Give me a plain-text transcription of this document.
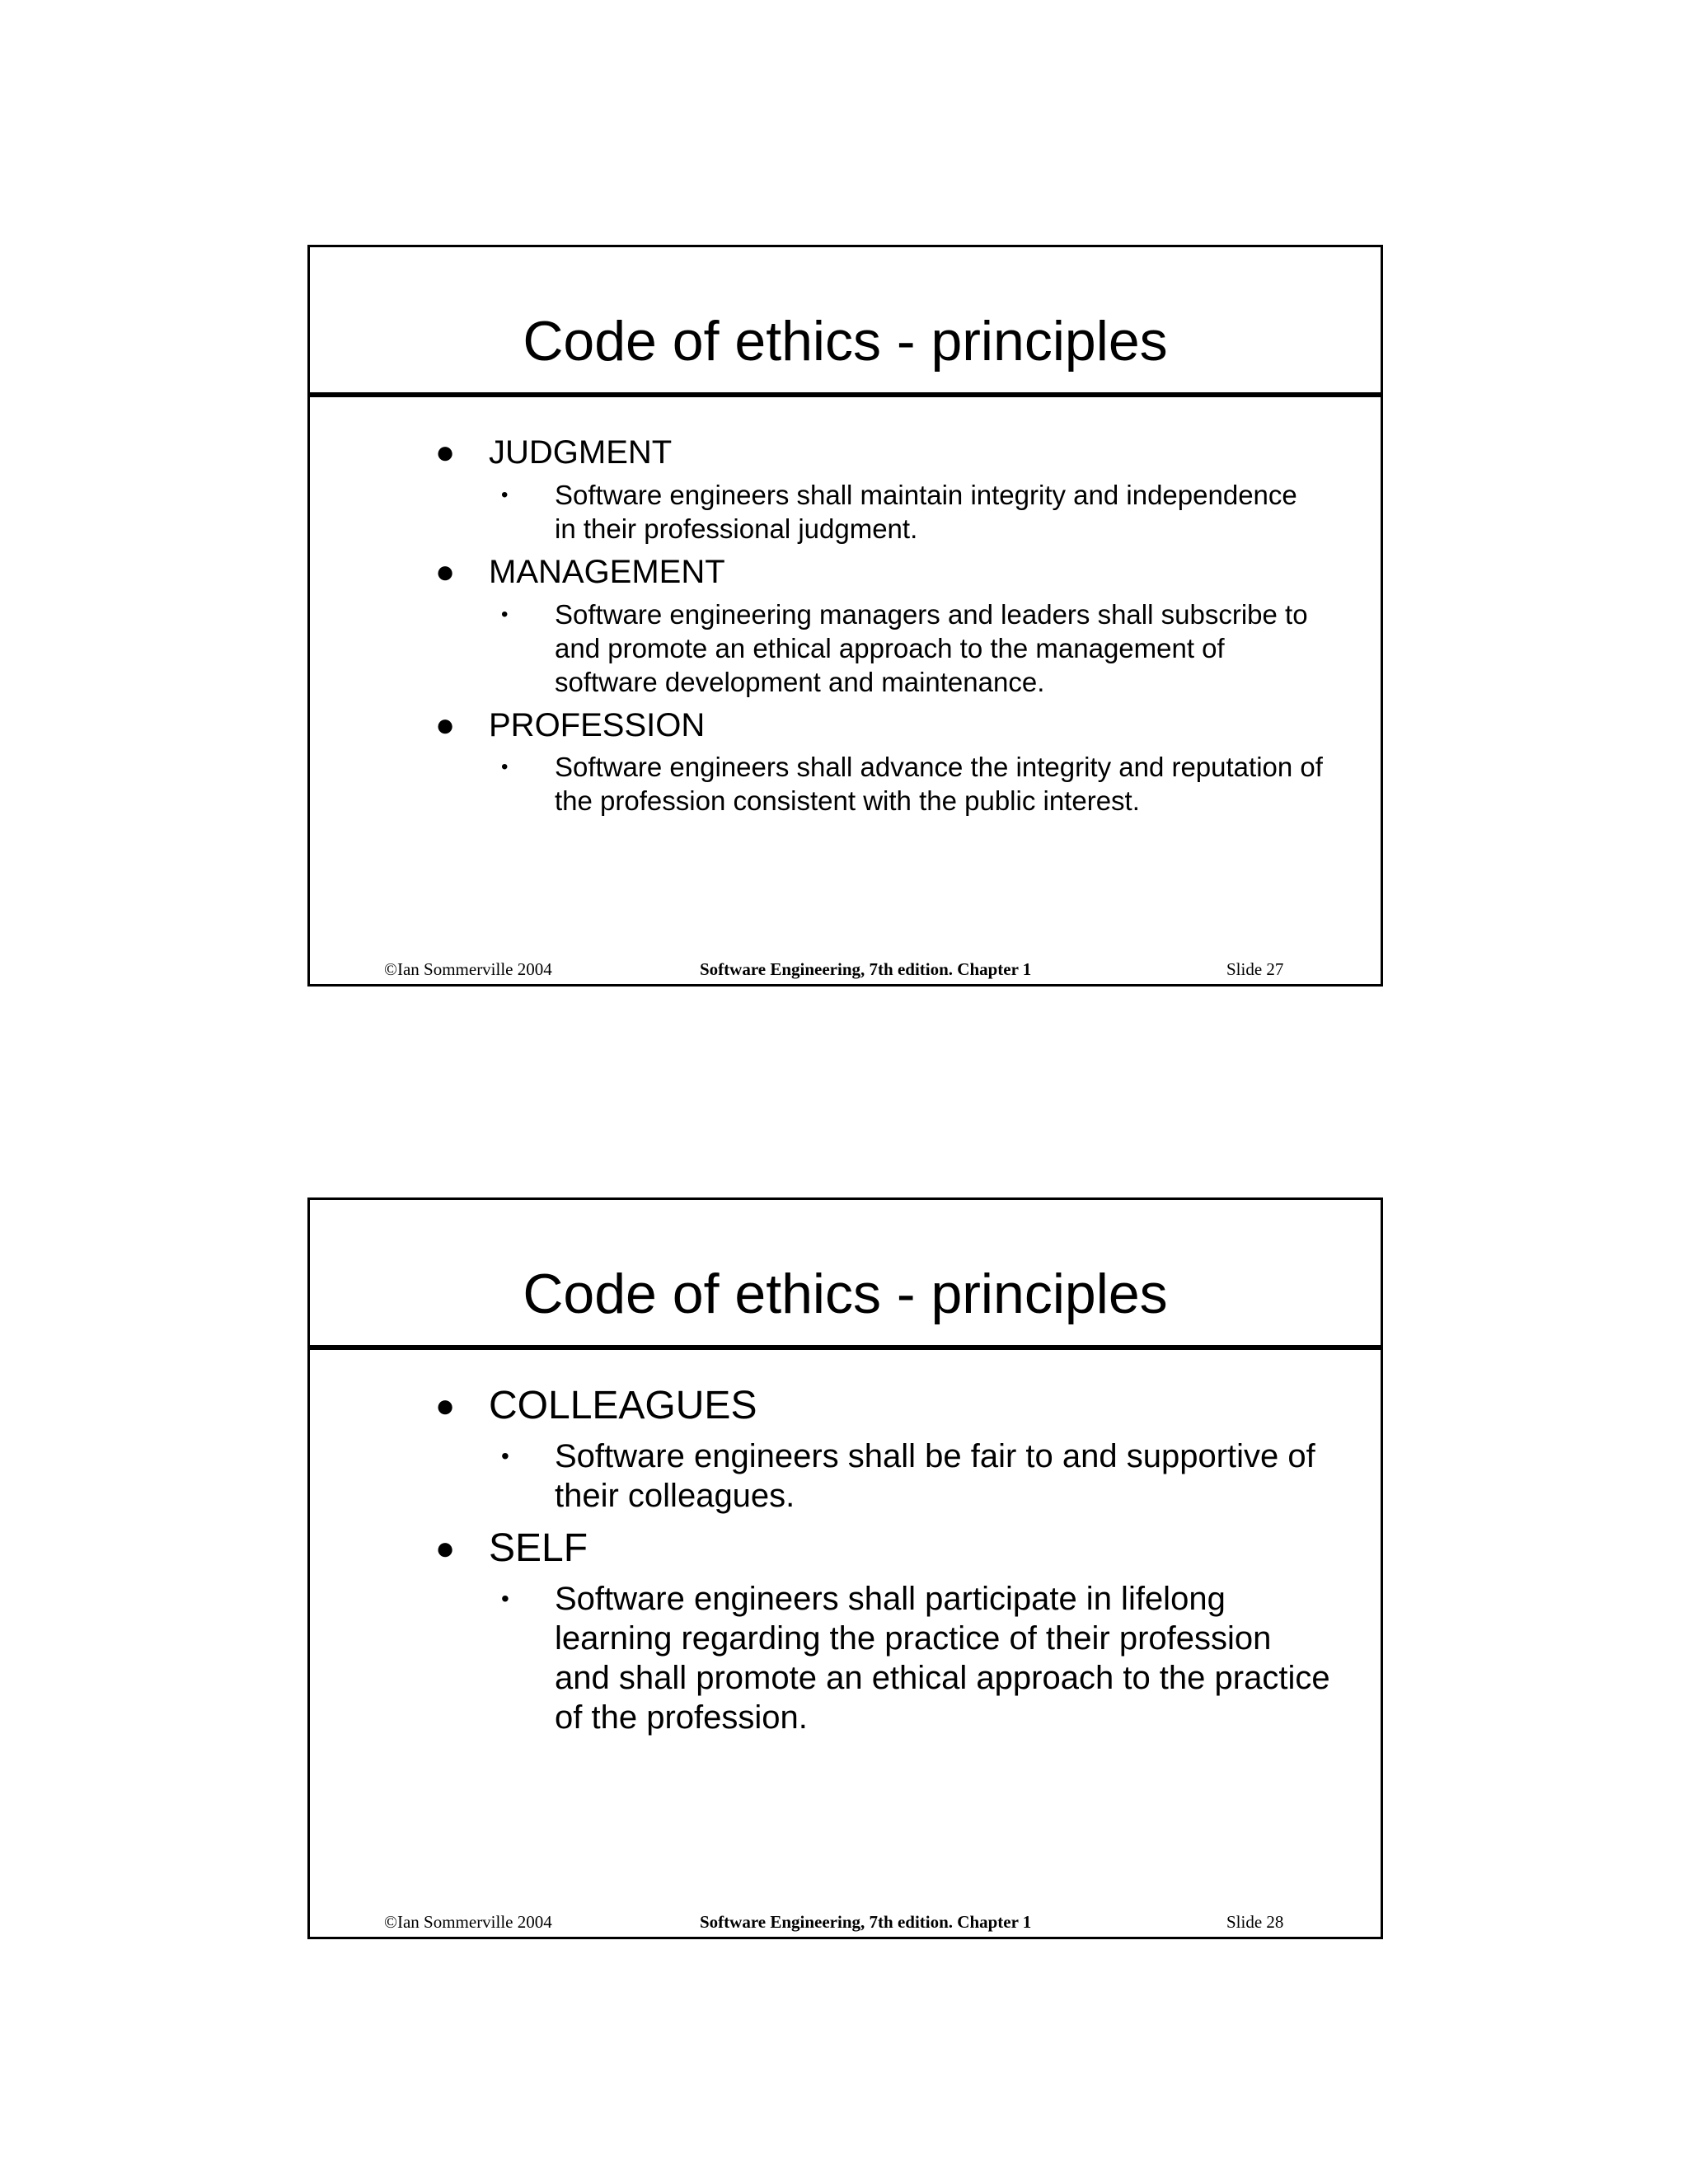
Code of ethics - principles
● JUDGMENT
• Software engineers shall maintain integrity and independence
in their professional judgment.
● MANAGEMENT
• Software engineering managers and leaders shall subscribe to
and promote an ethical approach to the management of
software development and maintenance.
● PROFESSION
• Software engineers shall advance the integrity and reputation of
the profession consistent with the public interest.
©Ian Sommerville 2004	Software Engineering, 7th edition. Chapter 1	Slide 27
Code of ethics - principles
● COLLEAGUES
• Software engineers shall be fair to and supportive of
their colleagues.
● SELF
• Software engineers shall participate in lifelong
learning regarding the practice of their profession
and shall promote an ethical approach to the practice
of the profession.
©Ian Sommerville 2004	Software Engineering, 7th edition. Chapter 1	Slide 28
